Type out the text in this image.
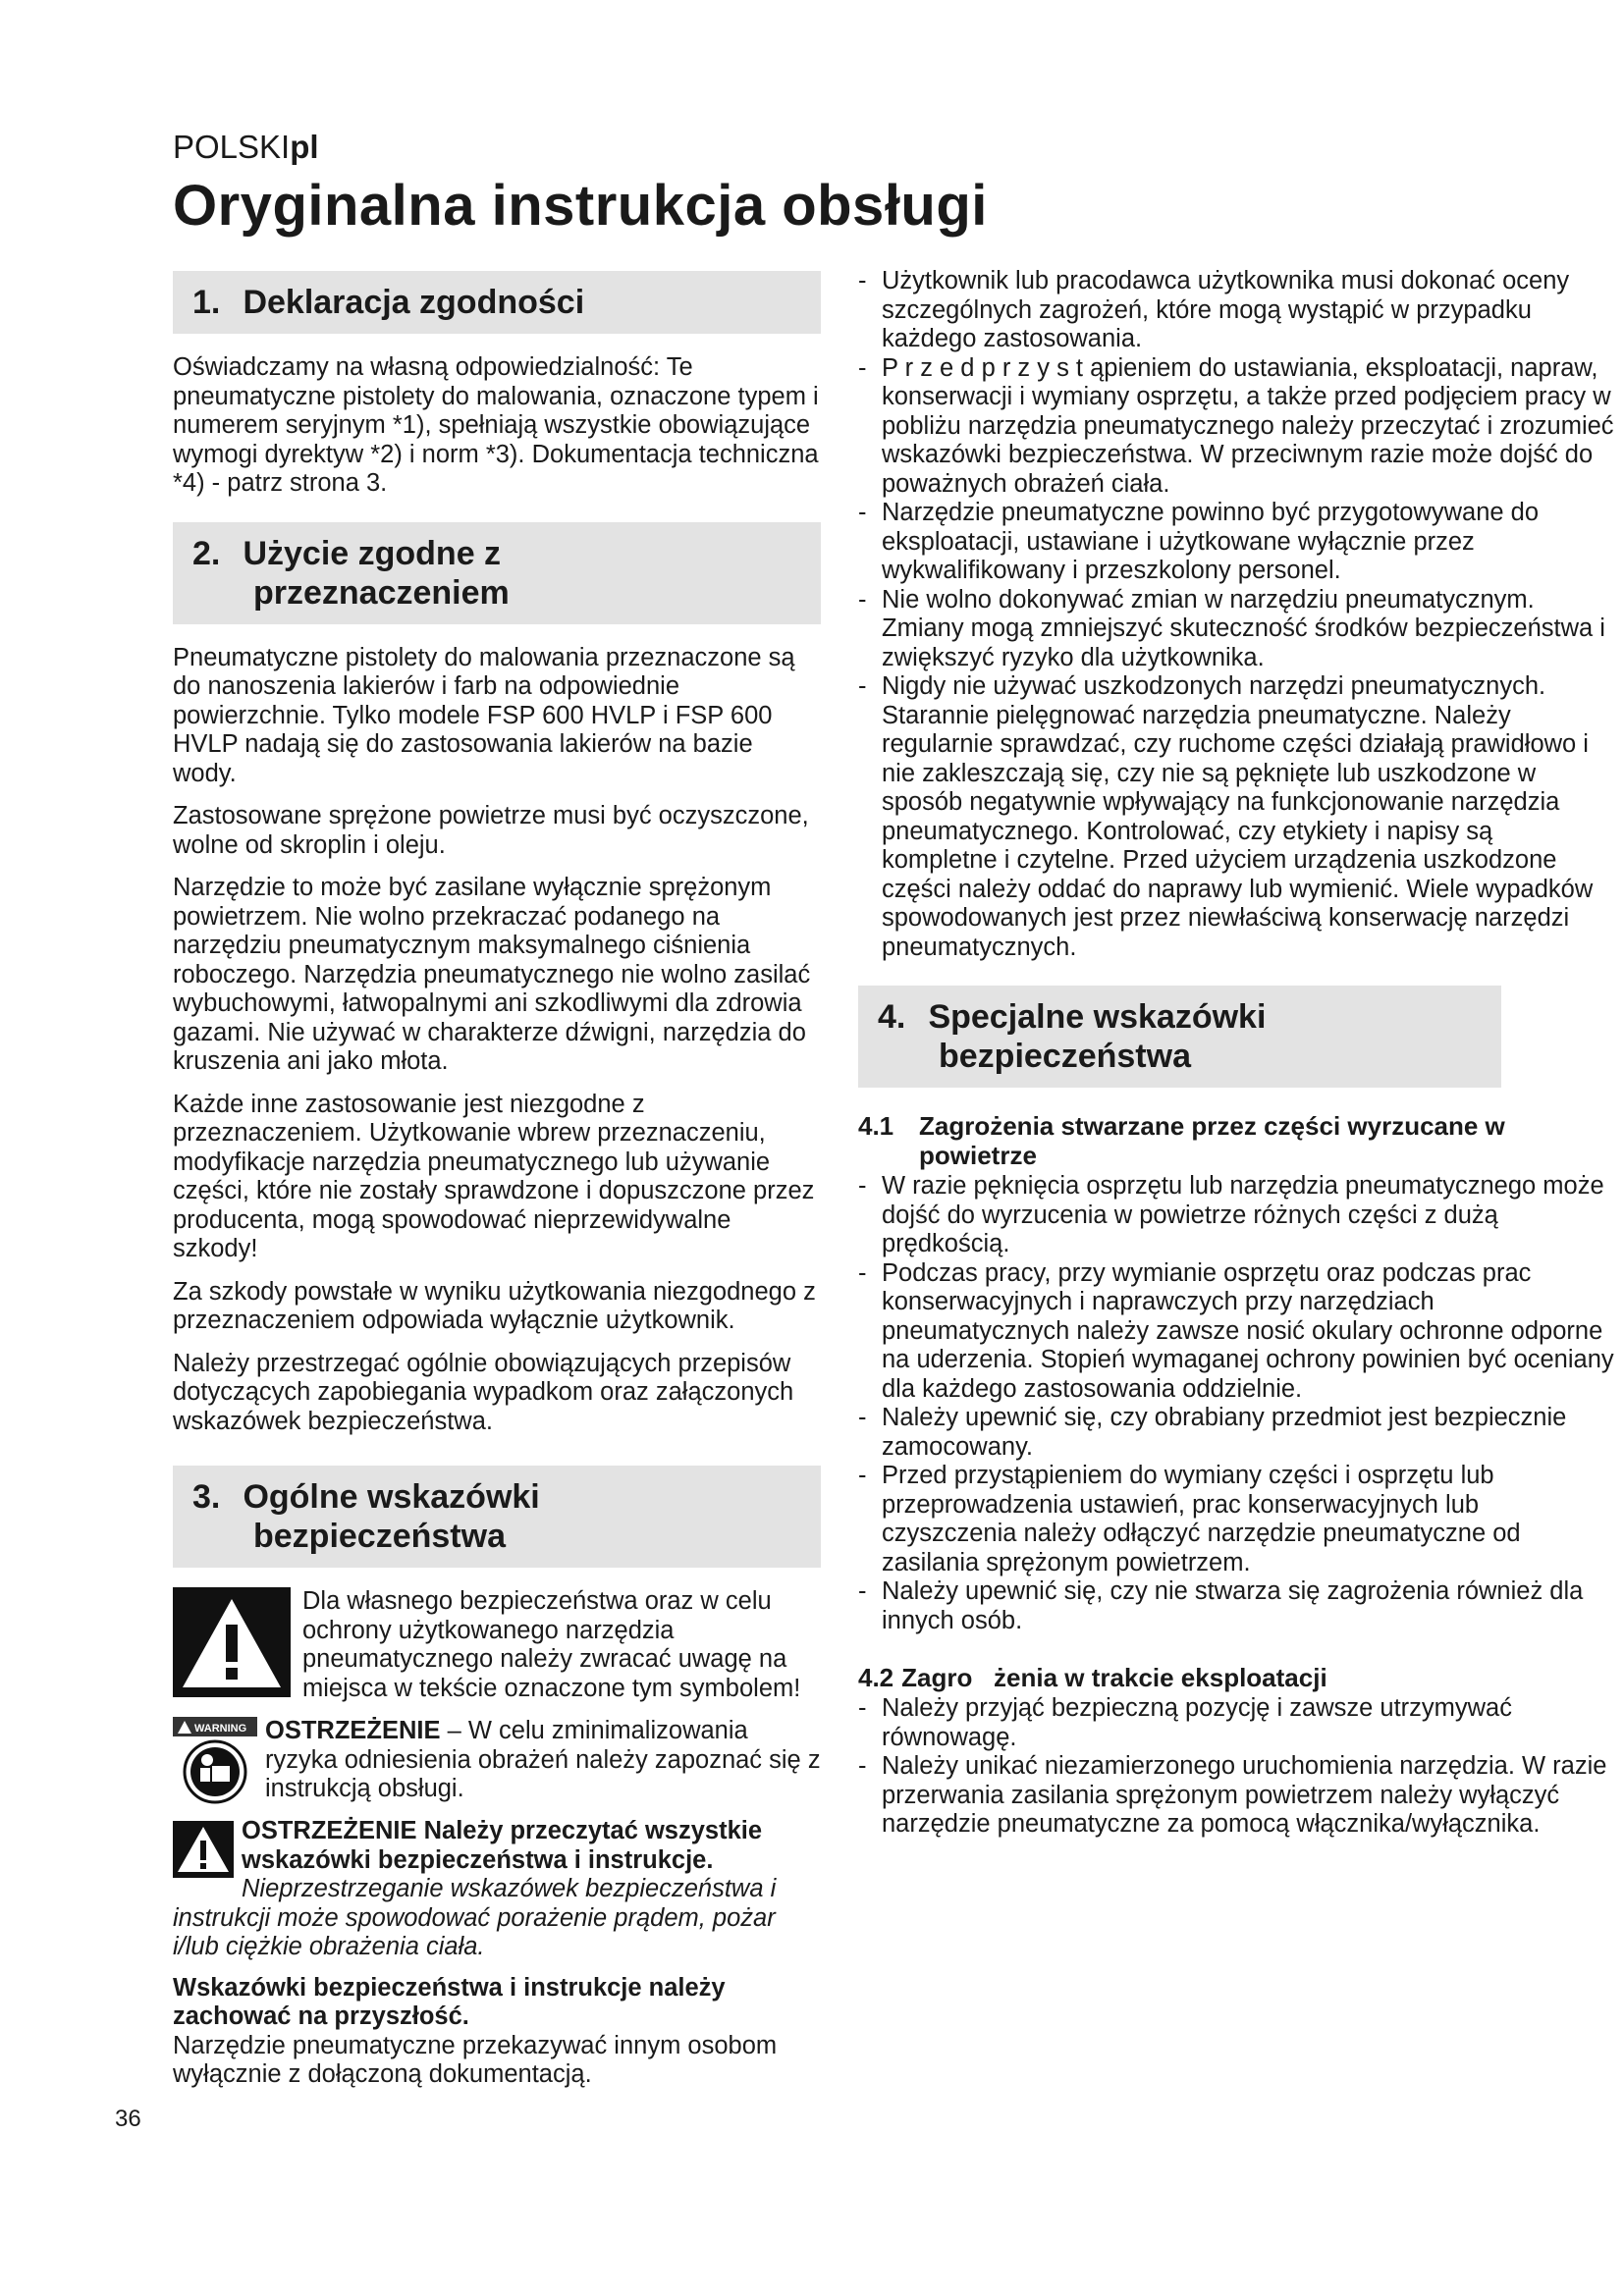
POLSKIpl
Oryginalna instrukcja obsługi
1. Deklaracja zgodności

Oświadczamy na własną odpowiedzialność: Te pneumatyczne pistolety do malowania, oznaczone typem i numerem seryjnym *1), spełniają wszystkie obowiązujące wymogi dyrektyw *2) i norm *3). Dokumentacja techniczna *4) - patrz strona 3.

2. Użycie zgodne z
przeznaczeniem

Pneumatyczne pistolety do malowania przeznaczone są do nanoszenia lakierów i farb na odpowiednie powierzchnie. Tylko modele FSP 600 HVLP i FSP 600 HVLP nadają się do zastosowania lakierów na bazie wody.

Zastosowane sprężone powietrze musi być oczyszczone, wolne od skroplin i oleju.

Narzędzie to może być zasilane wyłącznie sprężonym powietrzem. Nie wolno przekraczać podanego na narzędziu pneumatycznym maksymalnego ciśnienia roboczego. Narzędzia pneumatycznego nie wolno zasilać wybuchowymi, łatwopalnymi ani szkodliwymi dla zdrowia gazami. Nie używać w charakterze dźwigni, narzędzia do kruszenia ani jako młota.

Każde inne zastosowanie jest niezgodne z przeznaczeniem. Użytkowanie wbrew przeznaczeniu, modyfikacje narzędzia pneumatycznego lub używanie części, które nie zostały sprawdzone i dopuszczone przez producenta, mogą spowodować nieprzewidywalne szkody!

Za szkody powstałe w wyniku użytkowania niezgodnego z przeznaczeniem odpowiada wyłącznie użytkownik.

Należy przestrzegać ogólnie obowiązujących przepisów dotyczących zapobiegania wypadkom oraz załączonych wskazówek bezpieczeństwa.

3. Ogólne wskazówki
bezpieczeństwa
Dla własnego bezpieczeństwa oraz w celu ochrony użytkowanego narzędzia pneumatycznego należy zwracać uwagę na miejsca w tekście oznaczone tym symbolem!
WARNING OSTRZEŻENIE – W celu zminimalizowania ryzyka odniesienia obrażeń należy zapoznać się z instrukcją obsługi.
OSTRZEŻENIE Należy przeczytać wszystkie wskazówki bezpieczeństwa i instrukcje. Nieprzestrzeganie wskazówek bezpieczeństwa i instrukcji może spowodować porażenie prądem, pożar i/lub ciężkie obrażenia ciała.
Wskazówki bezpieczeństwa i instrukcje należy zachować na przyszłość.
Narzędzie pneumatyczne przekazywać innym osobom wyłącznie z dołączoną dokumentacją.
- Użytkownik lub pracodawca użytkownika musi dokonać oceny szczególnych zagrożeń, które mogą wystąpić w przypadku każdego zastosowania.
- P r z e d p r z y s t ąpieniem do ustawiania, eksploatacji, napraw, konserwacji i wymiany osprzętu, a także przed podjęciem pracy w pobliżu narzędzia pneumatycznego należy przeczytać i zrozumieć wskazówki bezpieczeństwa. W przeciwnym razie może dojść do poważnych obrażeń ciała.
- Narzędzie pneumatyczne powinno być przygotowywane do eksploatacji, ustawiane i użytkowane wyłącznie przez wykwalifikowany i przeszkolony personel.
- Nie wolno dokonywać zmian w narzędziu pneumatycznym. Zmiany mogą zmniejszyć skuteczność środków bezpieczeństwa i zwiększyć ryzyko dla użytkownika.
- Nigdy nie używać uszkodzonych narzędzi pneumatycznych. Starannie pielęgnować narzędzia pneumatyczne. Należy regularnie sprawdzać, czy ruchome części działają prawidłowo i nie zakleszczają się, czy nie są pęknięte lub uszkodzone w sposób negatywnie wpływający na funkcjonowanie narzędzia pneumatycznego. Kontrolować, czy etykiety i napisy są kompletne i czytelne. Przed użyciem urządzenia uszkodzone części należy oddać do naprawy lub wymienić. Wiele wypadków spowodowanych jest przez niewłaściwą konserwację narzędzi pneumatycznych.
4. Specjalne wskazówki
bezpieczeństwa
4.1 Zagrożenia stwarzane przez części wyrzucane w powietrze
- W razie pęknięcia osprzętu lub narzędzia pneumatycznego może dojść do wyrzucenia w powietrze różnych części z dużą prędkością.
- Podczas pracy, przy wymianie osprzętu oraz podczas prac konserwacyjnych i naprawczych przy narzędziach pneumatycznych należy zawsze nosić okulary ochronne odporne na uderzenia. Stopień wymaganej ochrony powinien być oceniany dla każdego zastosowania oddzielnie.
- Należy upewnić się, czy obrabiany przedmiot jest bezpiecznie zamocowany.
- Przed przystąpieniem do wymiany części i osprzętu lub przeprowadzenia ustawień, prac konserwacyjnych lub czyszczenia należy odłączyć narzędzie pneumatyczne od zasilania sprężonym powietrzem.
- Należy upewnić się, czy nie stwarza się zagrożenia również dla innych osób.
4.2 Zagro   żenia w trakcie eksploatacji
- Należy przyjąć bezpieczną pozycję i zawsze utrzymywać równowagę.
- Należy unikać niezamierzonego uruchomienia narzędzia. W razie przerwania zasilania sprężonym powietrzem należy wyłączyć narzędzie pneumatyczne za pomocą włącznika/wyłącznika.
36
